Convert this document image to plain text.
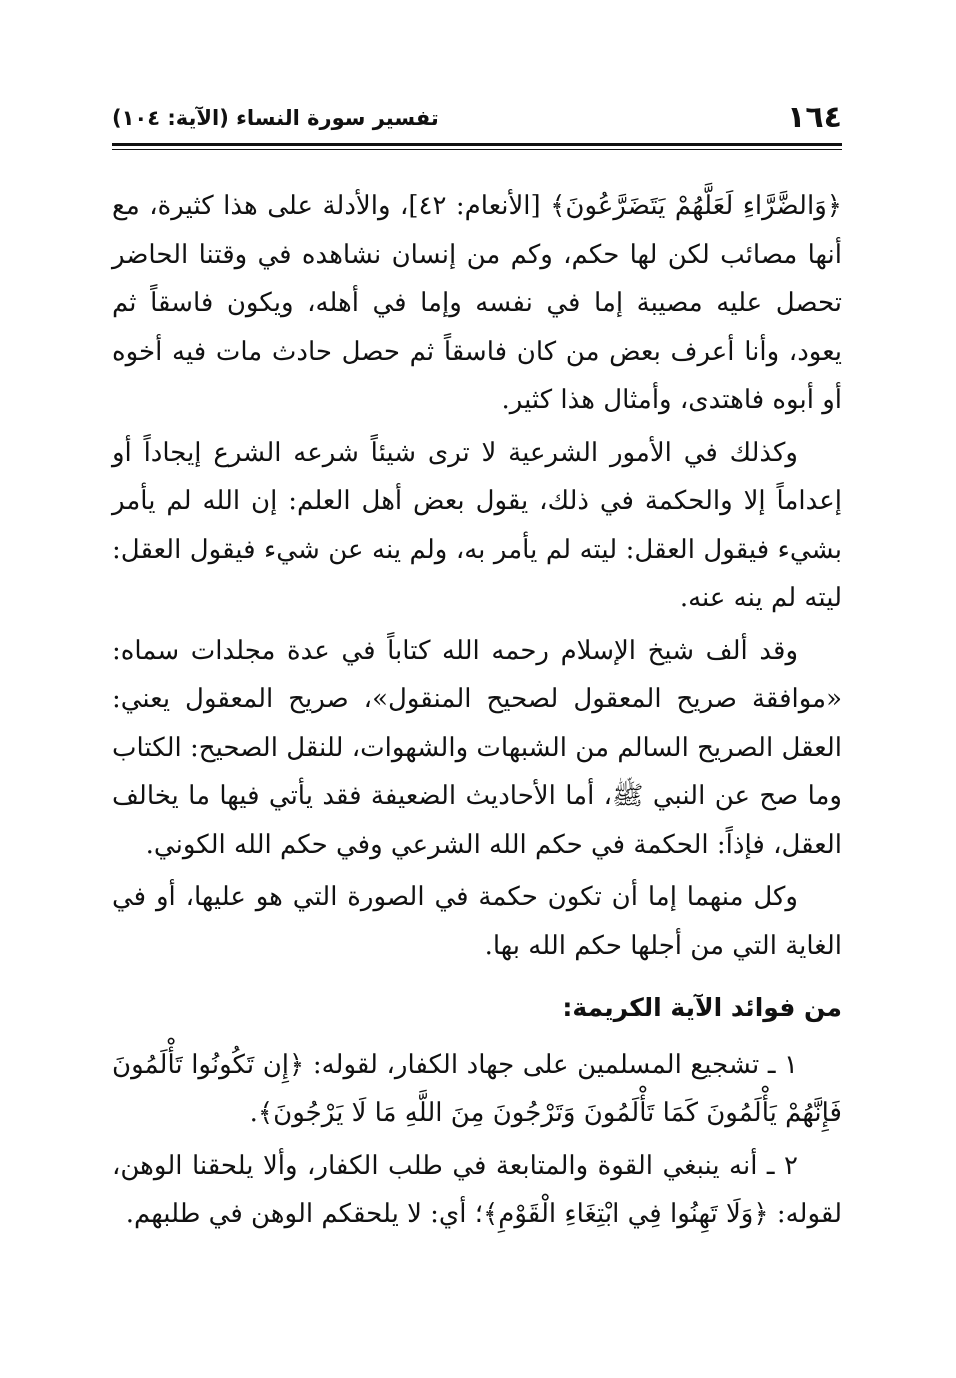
١٦٤
تفسير سورة النساء (الآية: ١٠٤)

﴿وَالضَّرَّاءِ لَعَلَّهُمْ يَتَضَرَّعُونَ﴾ [الأنعام: ٤٢]، والأدلة على هذا كثيرة، مع أنها مصائب لكن لها حكم، وكم من إنسان نشاهده في وقتنا الحاضر تحصل عليه مصيبة إما في نفسه وإما في أهله، ويكون فاسقاً ثم يعود، وأنا أعرف بعض من كان فاسقاً ثم حصل حادث مات فيه أخوه أو أبوه فاهتدى، وأمثال هذا كثير.

وكذلك في الأمور الشرعية لا ترى شيئاً شرعه الشرع إيجاداً أو إعداماً إلا والحكمة في ذلك، يقول بعض أهل العلم: إن الله لم يأمر بشيء فيقول العقل: ليته لم يأمر به، ولم ينه عن شيء فيقول العقل: ليته لم ينه عنه.

وقد ألف شيخ الإسلام رحمه الله كتاباً في عدة مجلدات سماه: «موافقة صريح المعقول لصحيح المنقول»، صريح المعقول يعني: العقل الصريح السالم من الشبهات والشهوات، للنقل الصحيح: الكتاب وما صح عن النبي ﷺ، أما الأحاديث الضعيفة فقد يأتي فيها ما يخالف العقل، فإذاً: الحكمة في حكم الله الشرعي وفي حكم الله الكوني.

وكل منهما إما أن تكون حكمة في الصورة التي هو عليها، أو في الغاية التي من أجلها حكم الله بها.

من فوائد الآية الكريمة:

١ ـ تشجيع المسلمين على جهاد الكفار، لقوله: ﴿إِن تَكُونُوا تَأْلَمُونَ فَإِنَّهُمْ يَأْلَمُونَ كَمَا تَأْلَمُونَ وَتَرْجُونَ مِنَ اللَّهِ مَا لَا يَرْجُونَ﴾.

٢ ـ أنه ينبغي القوة والمتابعة في طلب الكفار، وألا يلحقنا الوهن، لقوله: ﴿وَلَا تَهِنُوا فِي ابْتِغَاءِ الْقَوْمِ﴾؛ أي: لا يلحقكم الوهن في طلبهم.
